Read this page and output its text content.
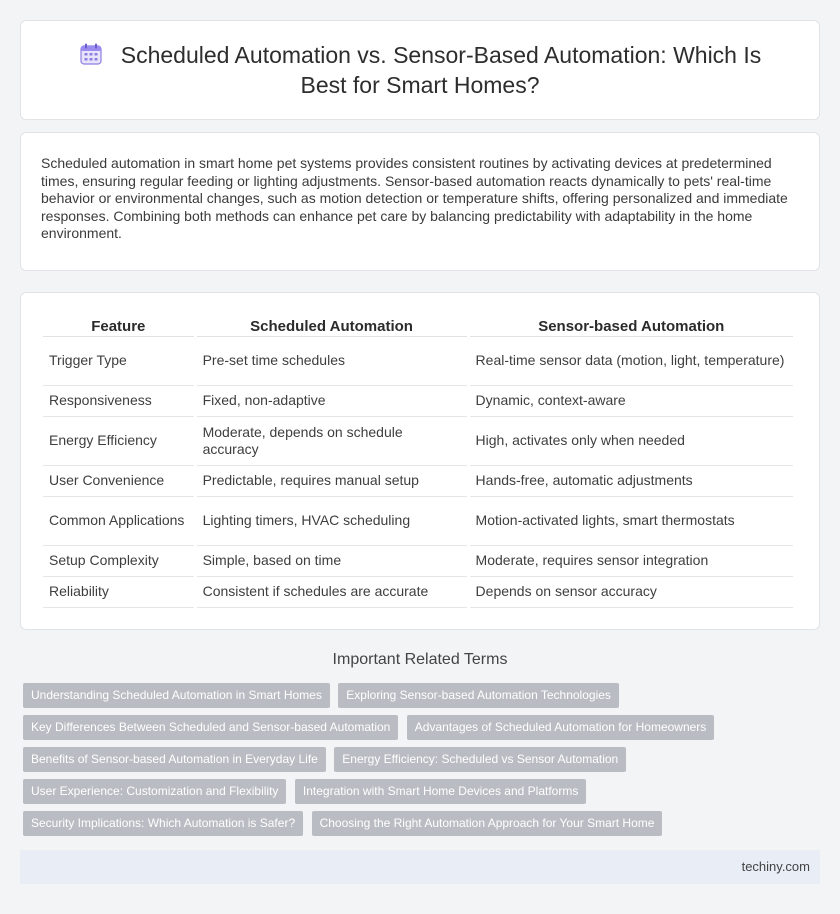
Scheduled Automation vs. Sensor-Based Automation: Which Is Best for Smart Homes?

Scheduled automation in smart home pet systems provides consistent routines by activating devices at predetermined times, ensuring regular feeding or lighting adjustments. Sensor-based automation reacts dynamically to pets' real-time behavior or environmental changes, such as motion detection or temperature shifts, offering personalized and immediate responses. Combining both methods can enhance pet care by balancing predictability with adaptability in the home environment.

Feature	Scheduled Automation	Sensor-based Automation
Trigger Type	Pre-set time schedules	Real-time sensor data (motion, light, temperature)
Responsiveness	Fixed, non-adaptive	Dynamic, context-aware
Energy Efficiency	Moderate, depends on schedule accuracy	High, activates only when needed
User Convenience	Predictable, requires manual setup	Hands-free, automatic adjustments
Common Applications	Lighting timers, HVAC scheduling	Motion-activated lights, smart thermostats
Setup Complexity	Simple, based on time	Moderate, requires sensor integration
Reliability	Consistent if schedules are accurate	Depends on sensor accuracy
Important Related Terms
Understanding Scheduled Automation in Smart Homes Exploring Sensor-based Automation Technologies Key Differences Between Scheduled and Sensor-based Automation Advantages of Scheduled Automation for Homeowners Benefits of Sensor-based Automation in Everyday Life Energy Efficiency: Scheduled vs Sensor Automation User Experience: Customization and Flexibility Integration with Smart Home Devices and Platforms Security Implications: Which Automation is Safer? Choosing the Right Automation Approach for Your Smart Home
techiny.com
